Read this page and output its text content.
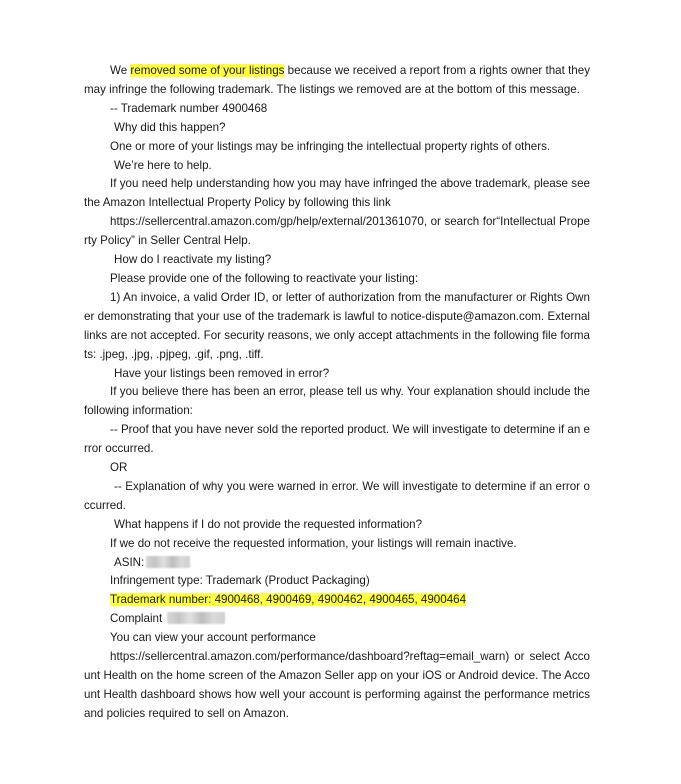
We removed some of your listings because we received a report from a rights owner that they may infringe the following trademark. The listings we removed are at the bottom of this message.

-- Trademark number 4900468

Why did this happen?

One or more of your listings may be infringing the intellectual property rights of others.

We’re here to help.

If you need help understanding how you may have infringed the above trademark, please see the Amazon Intellectual Property Policy by following this link

https://sellercentral.amazon.com/gp/help/external/201361070, or search for“Intellectual Property Policy” in Seller Central Help.

How do I reactivate my listing?

Please provide one of the following to reactivate your listing:

1) An invoice, a valid Order ID, or letter of authorization from the manufacturer or Rights Owner demonstrating that your use of the trademark is lawful to notice-dispute@amazon.com. External links are not accepted. For security reasons, we only accept attachments in the following file formats: .jpeg, .jpg, .pjpeg, .gif, .png, .tiff.

Have your listings been removed in error?

If you believe there has been an error, please tell us why. Your explanation should include the following information:

-- Proof that you have never sold the reported product. We will investigate to determine if an error occurred.

OR

-- Explanation of why you were warned in error. We will investigate to determine if an error occurred.

What happens if I do not provide the requested information?

If we do not receive the requested information, your listings will remain inactive.

ASIN:

Infringement type: Trademark (Product Packaging)

Trademark number: 4900468, 4900469, 4900462, 4900465, 4900464

Complaint

You can view your account performance

https://sellercentral.amazon.com/performance/dashboard?reftag=email_warn) or select Account Health on the home screen of the Amazon Seller app on your iOS or Android device. The Account Health dashboard shows how well your account is performing against the performance metrics and policies required to sell on Amazon.
